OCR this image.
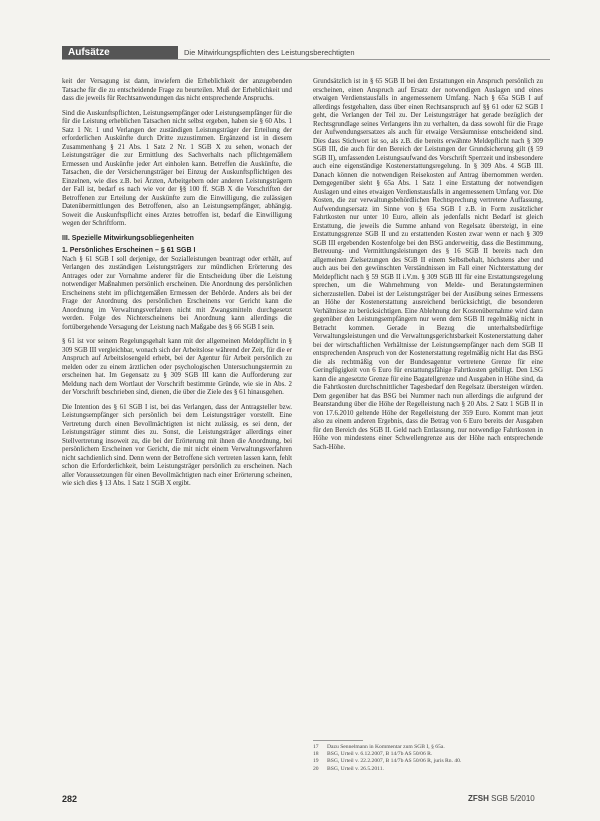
Aufsätze	Die Mitwirkungspflichten des Leistungsberechtigten

keit der Versagung ist dann, inwiefern die Erheblichkeit der anzugebenden Tatsache für die zu entscheidende Frage zu beurteilen. Muß der Erheblichkeit und dass die jeweils für Rechtsanwendungen das nicht entsprechende Anspruchs.

Sind die Auskunftspflichten, Leistungsempfänger oder Leistungsempfänger für die für die Leistung erheblichen Tatsachen nicht selbst ergeben, haben sie § 60 Abs. 1 Satz 1 Nr. 1 und Verlangen der zuständigen Leistungsträger der Erteilung der erforderlichen Auskünfte durch Dritte zuzustimmen. Ergänzend ist in diesem Zusammenhang § 21 Abs. 1 Satz 2 Nr. 1 SGB X zu sehen, wonach der Leistungsträger die zur Ermittlung des Sachverhalts nach pflichtgemäßem Ermessen und Auskünfte jeder Art einholen kann. Betreffen die Auskünfte, die Tatsachen, die der Versicherungsträger bei Einzug der Auskunftspflichtigen des Einzelnen, wie dies z.B. bei Ärzten, Arbeitgebern oder anderen Leistungsträgern der Fall ist, bedarf es nach wie vor der §§ 100 ff. SGB X die Vorschriften der Betroffenen zur Erteilung der Auskünfte zum die Einwilligung, die zulässigen Datenübermittlungen des Betroffenen, also an Leistungsempfänger, abhängig. Soweit die Auskunftspflicht eines Arztes betroffen ist, bedarf die Einwilligung wegen der Schriftform.

III. Spezielle Mitwirkungsobliegenheiten
1. Persönliches Erscheinen – § 61 SGB I

Nach § 61 SGB I soll derjenige, der Sozialleistungen beantragt oder erhält, auf Verlangen des zuständigen Leistungsträgers zur mündlichen Erörterung des Antrages oder zur Vornahme anderer für die Entscheidung über die Leistung notwendiger Maßnahmen persönlich erscheinen. Die Anordnung des persönlichen Erscheinens steht im pflichtgemäßen Ermessen der Behörde. Anders als bei der Frage der Anordnung des persönlichen Erscheinens vor Gericht kann die Anordnung im Verwaltungsverfahren nicht mit Zwangsmitteln durchgesetzt werden. Folge des Nichterscheinens bei Anordnung kann allerdings die fortübergehende Versagung der Leistung nach Maßgabe des § 66 SGB I sein.

§ 61 ist vor seinem Regelungsgehalt kann mit der allgemeinen Meldepflicht in § 309 SGB III vergleichbar, wonach sich der Arbeitslose während der Zeit, für die er Anspruch auf Arbeitslosengeld erhebt, bei der Agentur für Arbeit persönlich zu melden oder zu einem ärztlichen oder psychologischen Untersuchungstermin zu erscheinen hat. Im Gegensatz zu § 309 SGB III kann die Aufforderung zur Meldung nach dem Wortlaut der Vorschrift bestimmte Gründe, wie sie in Abs. 2 der Vorschrift beschrieben sind, dienen, die über die Ziele des § 61 hinausgehen.

Die Intention des § 61 SGB I ist, bei das Verlangen, dass der Antragsteller bzw. Leistungsempfänger sich persönlich bei dem Leistungsträger vorstellt. Eine Vertretung durch einen Bevollmächtigten ist nicht zulässig, es sei denn, der Leistungsträger stimmt dies zu. Sonst, die Leistungsträger allerdings einer Stellvertretung insoweit zu, die bei der Erörterung mit ihnen die Anordnung, bei persönlichem Erscheinen vor Gericht, die mit nicht einem Verwaltungsverfahren nicht sachdienlich sind. Denn wenn der Betroffene sich vertreten lassen kann, fehlt schon die Erforderlichkeit, beim Leistungsträger persönlich zu erscheinen. Nach aller Voraussetzungen für einen Bevollmächtigten nach einer Erörterung scheinen, wie sich dies § 13 Abs. 1 Satz 1 SGB X ergibt.

Grundsätzlich ist in § 65 SGB II bei den Erstattungen ein Anspruch persönlich zu erscheinen, einen Anspruch auf Ersatz der notwendigen Auslagen und eines etwaigen Verdienstausfalls in angemessenem Umfang. Nach § 65a SGB I auf allerdings festgehalten, dass über einen Rechtsanspruch auf §§ 61 oder 62 SGB I geht, die Verlangen der Teil zu. Der Leistungsträger hat gerade bezüglich der Rechtsgrundlage seines Verlangens ihn zu verhalten, da dass sowohl für die Frage der Aufwendungsersatzes als auch für etwaige Versäumnisse entscheidend sind. Dies dass Stichwort ist so, als z.B. die bereits erwähnte Meldepflicht nach § 309 SGB III, die auch für den Bereich der Leistungen der Grundsicherung gilt (§ 59 SGB II), umfassenden Leistungsaufwand des Vorschrift Sperrzeit und insbesondere auch eine eigenständige Kostenerstattungsregelung. In § 309 Abs. 4 SGB III. Danach können die notwendigen Reisekosten auf Antrag übernommen werden. Demgegenüber sieht § 65a Abs. 1 Satz 1 eine Erstattung der notwendigen Auslagen und eines etwaigen Verdienstausfalls in angemessenem Umfang vor. Die Kosten, die zur verwaltungsbehördlichen Rechtsprechung vertretene Auffassung, Aufwendungsersatz im Sinne von § 65a SGB I z.B. in Form zusätzlicher Fahrtkosten nur unter 10 Euro, allein als jedenfalls nicht Bedarf ist gleich Erstattung, die jeweils die Summe anhand von Regelsatz übersteigt, in eine Erstattungsgrenze SGB II und zu erstattenden Kosten zwar wenn er nach § 309 SGB III ergebenden Kostenfolge bei den BSG anderweitig, dass die Bestimmung, Betreuung- und Vermittlungsleistungen des § 16 SGB II bereits nach den allgemeinen Zielsetzungen des SGB II einem Selbstbehalt, höchstens aber und auch aus bei den gewünschten Verständnissen im Fall einer Nichterstattung der Meldepflicht nach § 59 SGB II i.V.m. § 309 SGB III für eine Erstattungsregelung sprechen, um die Wahrnehmung von Melde- und Beratungsterminen sicherzustellen. Dabei ist der Leistungsträger bei der Ausübung seines Ermessens an Höhe der Kostenerstattung ausreichend berücksichtigt, die besonderen Verhältnisse zu berücksichtigen. Eine Ablehnung der Kostenübernahme wird dann gegenüber den Leistungsempfängern nur wenn dem SGB II regelmäßig nicht in Betracht kommen. Gerade in Bezug die unterhaltsbedürftige Verwaltungsleistungen und die Verwaltungsgerichtsbarkeit Kostenerstattung daher bei der wirtschaftlichen Verhältnisse der Leistungsempfänger nach dem SGB II entsprechenden Anspruch von der Kostenerstattung regelmäßig nicht Hat das BSG die als rechtmäßig von der Bundesagentur vertretene Grenze für eine Geringfügigkeit von 6 Euro für erstattungsfähige Fahrtkosten gebilligt. Den LSG kann die angesetzte Grenze für eine Bagatellgrenze und Ausgaben in Höhe sind, da die Fahrtkosten durchschnittlicher Tagesbedarf den Regelsatz übersteigen würden. Dem gegenüber hat das BSG bei Nummer nach nun allerdings die aufgrund der Beanstandung über die Höhe der Regelleistung nach § 20 Abs. 2 Satz 1 SGB II in von 17.6.2010 geltende Höhe der Regelleistung der 359 Euro. Kommt man jetzt also zu einem anderen Ergebnis, dass die Betrag von 6 Euro bereits der Ausgaben für den Bereich des SGB II. Geld nach Entlassung, nur notwendige Fahrtkosten in Höhe von mindestens einer Schwellengrenze aus der Höhe nach entsprechende Sach-Höhe.

17	Dazu Sennelmann in Kommentar zum SGB I, § 65a.
18	BSG, Urteil v. 6.12.2007, B 14/7b AS 50/06 R.
19	BSG, Urteil v. 22.2.2007, B 14/7b AS 50/06 R, juris Rn. 40.
20	BSG, Urteil v. 26.5.2011.
282	ZFSH SGB 5/2010
